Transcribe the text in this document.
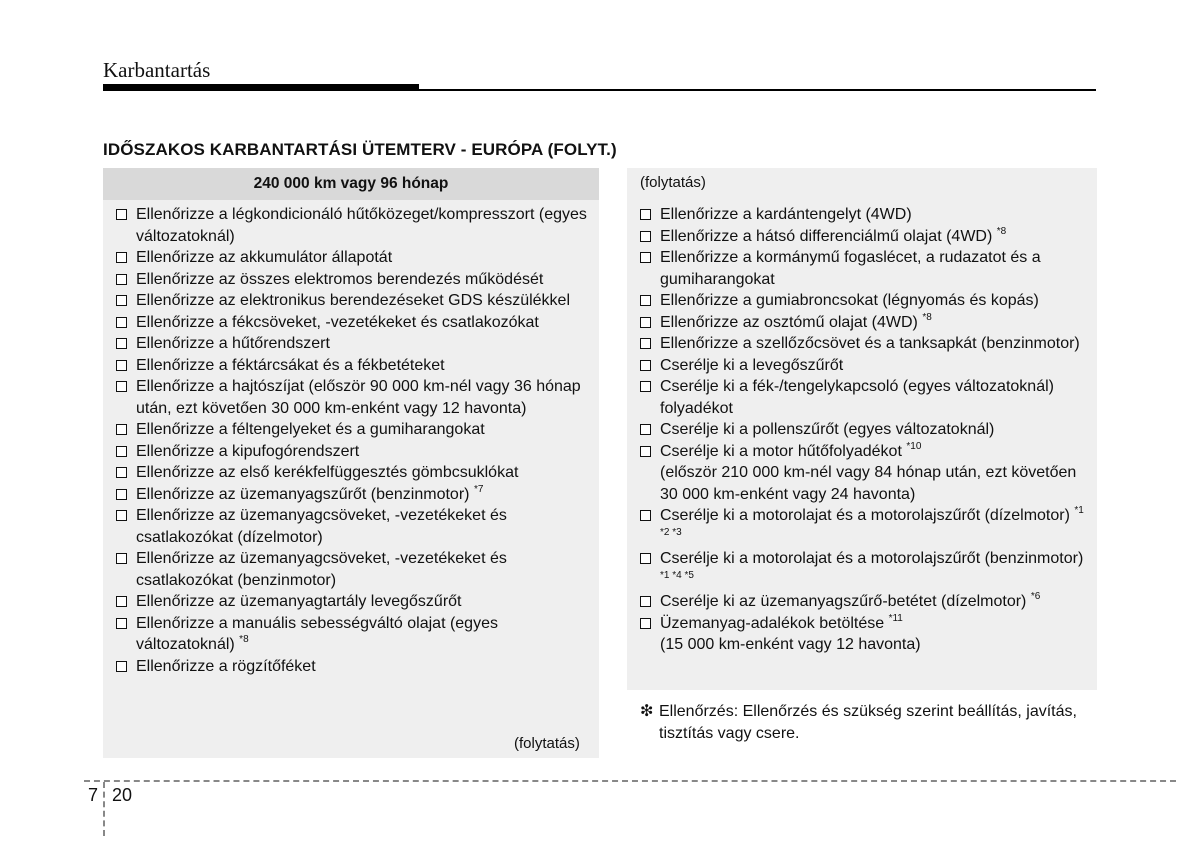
Karbantartás
IDŐSZAKOS KARBANTARTÁSI ÜTEMTERV - EURÓPA (FOLYT.)
240 000 km vagy 96 hónap	(folytatás)
Ellenőrizze a légkondicionáló hűtőközeget/kompresszort (egyes változatoknál)
Ellenőrizze az akkumulátor állapotát
Ellenőrizze az összes elektromos berendezés működését
Ellenőrizze az elektronikus berendezéseket GDS készülékkel
Ellenőrizze a fékcsöveket, -vezetékeket és csatlakozókat
Ellenőrizze a hűtőrendszert
Ellenőrizze a féktárcsákat és a fékbetéteket
Ellenőrizze a hajtószíjat (először 90 000 km-nél vagy 36 hónap után, ezt követően 30 000 km-enként vagy 12 havonta)
Ellenőrizze a féltengelyeket és a gumiharangokat
Ellenőrizze a kipufogórendszert
Ellenőrizze az első kerékfelfüggesztés gömbcsuklókat
Ellenőrizze az üzemanyagszűrőt (benzinmotor) $^{*7}$
Ellenőrizze az üzemanyagcsöveket, -vezetékeket és csatlakozókat (dízelmotor)
Ellenőrizze az üzemanyagcsöveket, -vezetékeket és csatlakozókat (benzinmotor)
Ellenőrizze az üzemanyagtartály levegőszűrőt
Ellenőrizze a manuális sebességváltó olajat (egyes változatoknál) $^{*8}$
Ellenőrizze a rögzítőféket
Ellenőrizze a kardántengelyt (4WD)
Ellenőrizze a hátsó differenciálmű olajat (4WD) $^{*8}$
Ellenőrizze a kormánymű fogaslécet, a rudazatot és a gumiharangokat
Ellenőrizze a gumiabroncsokat (légnyomás és kopás)
Ellenőrizze az osztómű olajat (4WD) $^{*8}$
Ellenőrizze a szellőzőcsövet és a tanksapkát (benzinmotor)
Cserélje ki a levegőszűrőt
Cserélje ki a fék-/tengelykapcsoló (egyes változatoknál) folyadékot
Cserélje ki a pollenszűrőt (egyes változatoknál)
Cserélje ki a motor hűtőfolyadékot $^{*10}$
(először 210 000 km-nél vagy 84 hónap után, ezt követően 30 000 km-enként vagy 24 havonta)
Cserélje ki a motorolajat és a motorolajszűrőt (dízelmotor) $^{*1 *2 *3}$
Cserélje ki a motorolajat és a motorolajszűrőt (benzinmotor) $^{*1 *4 *5}$
Cserélje ki az üzemanyagszűrő-betétet (dízelmotor) $^{*6}$
Üzemanyag-adalékok betöltése $^{*11}$
(15 000 km-enként vagy 12 havonta)
(folytatás)
❇ Ellenőrzés: Ellenőrzés és szükség szerint beállítás, javítás, tisztítás vagy csere.
7 20
